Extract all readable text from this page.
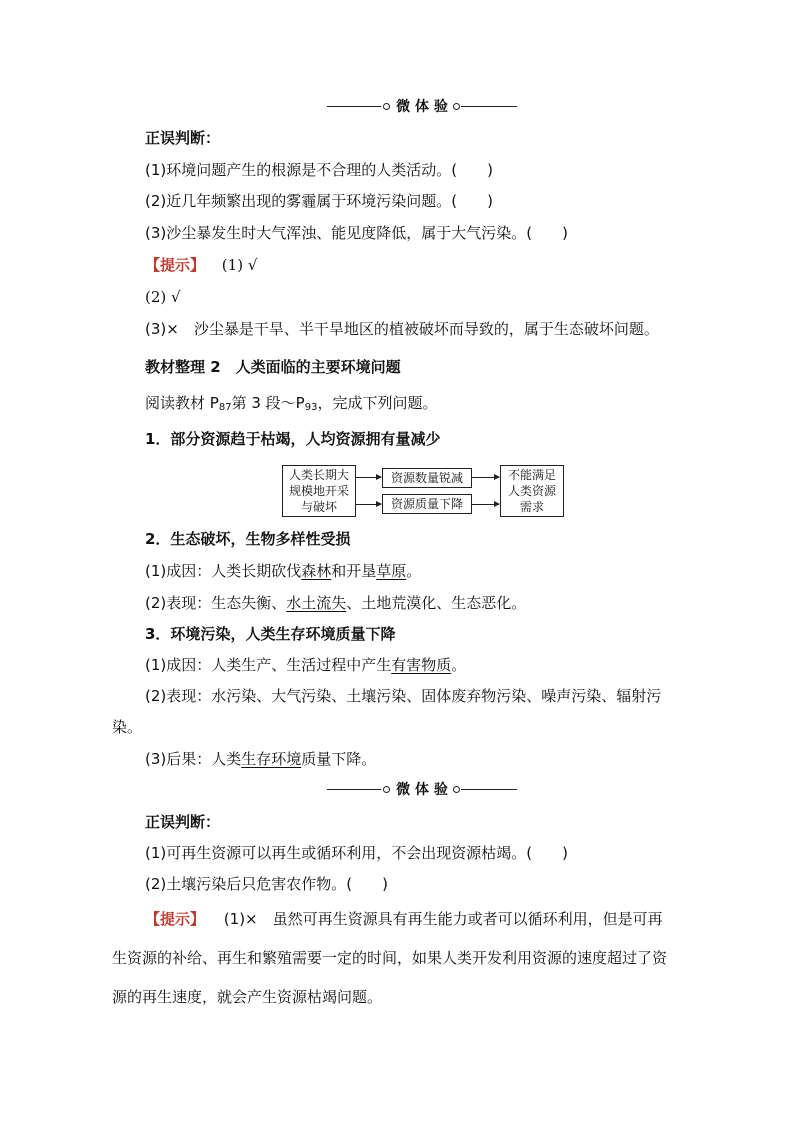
微 体 验
正误判断：
(1)环境问题产生的根源是不合理的人类活动。(　　)
(2)近几年频繁出现的雾霾属于环境污染问题。(　　)
(3)沙尘暴发生时大气浑浊、能见度降低，属于大气污染。(　　)
【提示】 (1) √
(2) √
(3)×　沙尘暴是干旱、半干旱地区的植被破坏而导致的，属于生态破坏问题。
教材整理 2　人类面临的主要环境问题
阅读教材 $P_{87}$第 3 段$\sim P_{93}$，完成下列问题。
1．部分资源趋于枯竭，人均资源拥有量减少
人类长期大
规模地开采
与破坏
资源数量锐减
资源质量下降
不能满足
人类资源
需求
2．生态破坏，生物多样性受损
(1)成因：人类长期砍伐森林和开垦草原。
(2)表现：生态失衡、水土流失、土地荒漠化、生态恶化。
3．环境污染，人类生存环境质量下降
(1)成因：人类生产、生活过程中产生有害物质。
(2)表现：水污染、大气污染、土壤污染、固体废弃物污染、噪声污染、辐射污
染。
(3)后果：人类生存环境质量下降。
微 体 验
正误判断：
(1)可再生资源可以再生或循环利用，不会出现资源枯竭。(　　)
(2)土壤污染后只危害农作物。(　　)
【提示】 (1)×　虽然可再生资源具有再生能力或者可以循环利用，但是可再
生资源的补给、再生和繁殖需要一定的时间，如果人类开发利用资源的速度超过了资
源的再生速度，就会产生资源枯竭问题。
